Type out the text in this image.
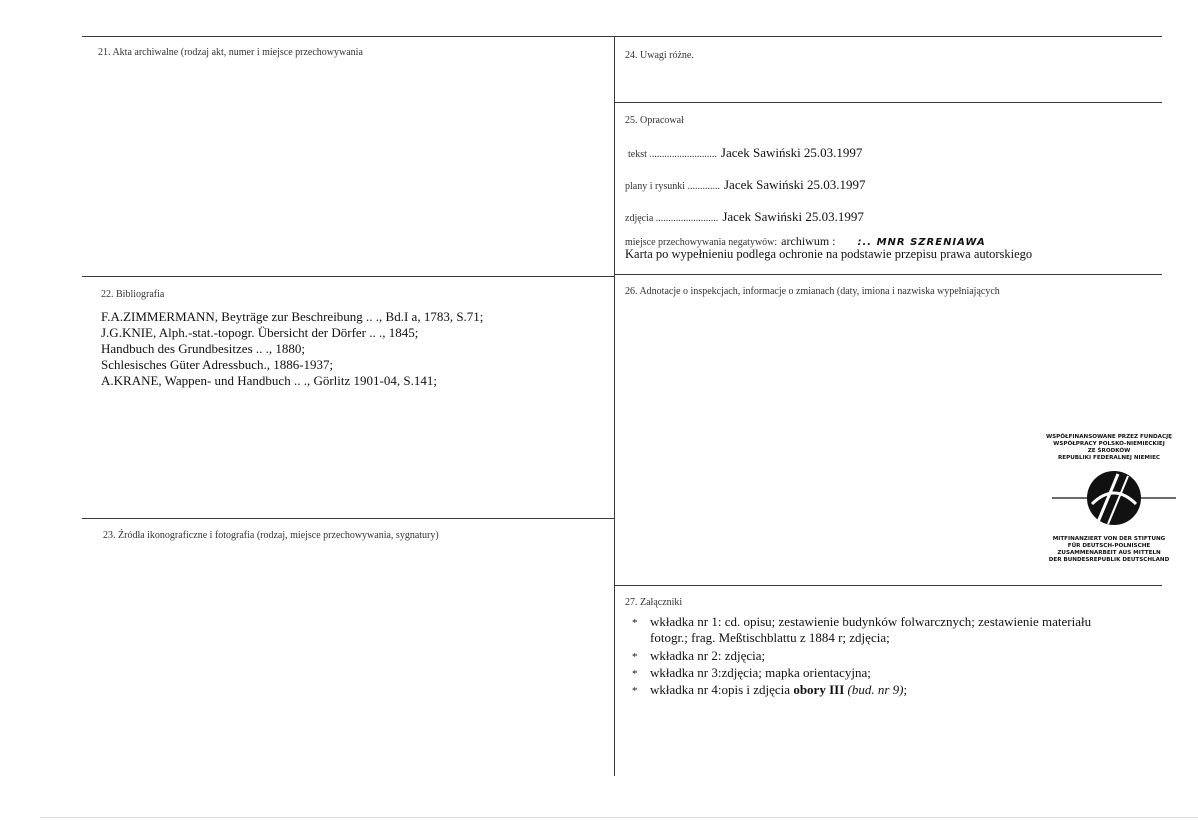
21. Akta archiwalne (rodzaj akt, numer i miejsce przechowywania
22. Bibliografia
F.A.ZIMMERMANN, Beyträge zur Beschreibung .. ., Bd.I a, 1783, S.71;
J.G.KNIE, Alph.-stat.-topogr. Übersicht der Dörfer .. ., 1845;
Handbuch des Grundbesitzes .. ., 1880;
Schlesisches Güter Adressbuch., 1886-1937;
A.KRANE, Wappen- und Handbuch .. ., Görlitz 1901-04, S.141;
23. Źródła ikonograficzne i fotografia (rodzaj, miejsce przechowywania, sygnatury)
24. Uwagi różne.
25. Opracował
tekst ........................... Jacek Sawiński 25.03.1997
plany i rysunki ............. Jacek Sawiński 25.03.1997
zdjęcia ......................... Jacek Sawiński 25.03.1997
miejsce przechowywania negatywów: archiwum : :.. MNR SZRENIAWA
Karta po wypełnieniu podlega ochronie na podstawie przepisu prawa autorskiego
26. Adnotacje o inspekcjach, informacje o zmianach (daty, imiona i nazwiska wypełniających
WSPÓŁFINANSOWANE PRZEZ FUNDACJĘ
WSPÓŁPRACY POLSKO-NIEMIECKIEJ
ZE ŚRODKÓW
REPUBLIKI FEDERALNEJ NIEMIEC
MITFINANZIERT VON DER STIFTUNG
FÜR DEUTSCH-POLNISCHE
ZUSAMMENARBEIT AUS MITTELN
DER BUNDESREPUBLIK DEUTSCHLAND
27. Załączniki
* wkładka nr 1: cd. opisu; zestawienie budynków folwarcznych; zestawienie materiału
fotogr.; frag. Meßtischblattu z 1884 r; zdjęcia;
* wkładka nr 2: zdjęcia;
* wkładka nr 3:zdjęcia; mapka orientacyjna;
* wkładka nr 4:opis i zdjęcia obory III (bud. nr 9);
